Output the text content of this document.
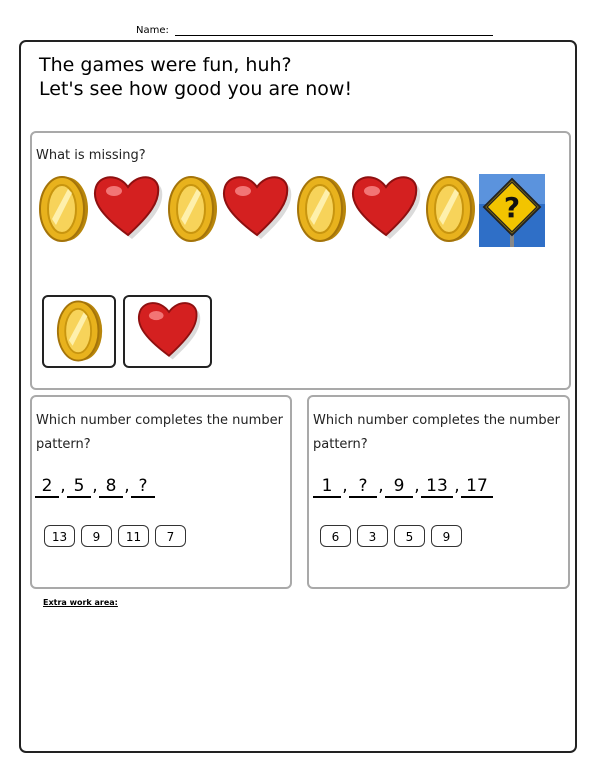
Name:
The games were fun, huh?
Let's see how good you are now!
What is missing?
?
Which number completes the number
pattern?
2 , 5 , 8 , ?
13 9 11 7
Which number completes the number
pattern?
1 , ? , 9 , 13 , 17
6 3 5 9
Extra work area:
